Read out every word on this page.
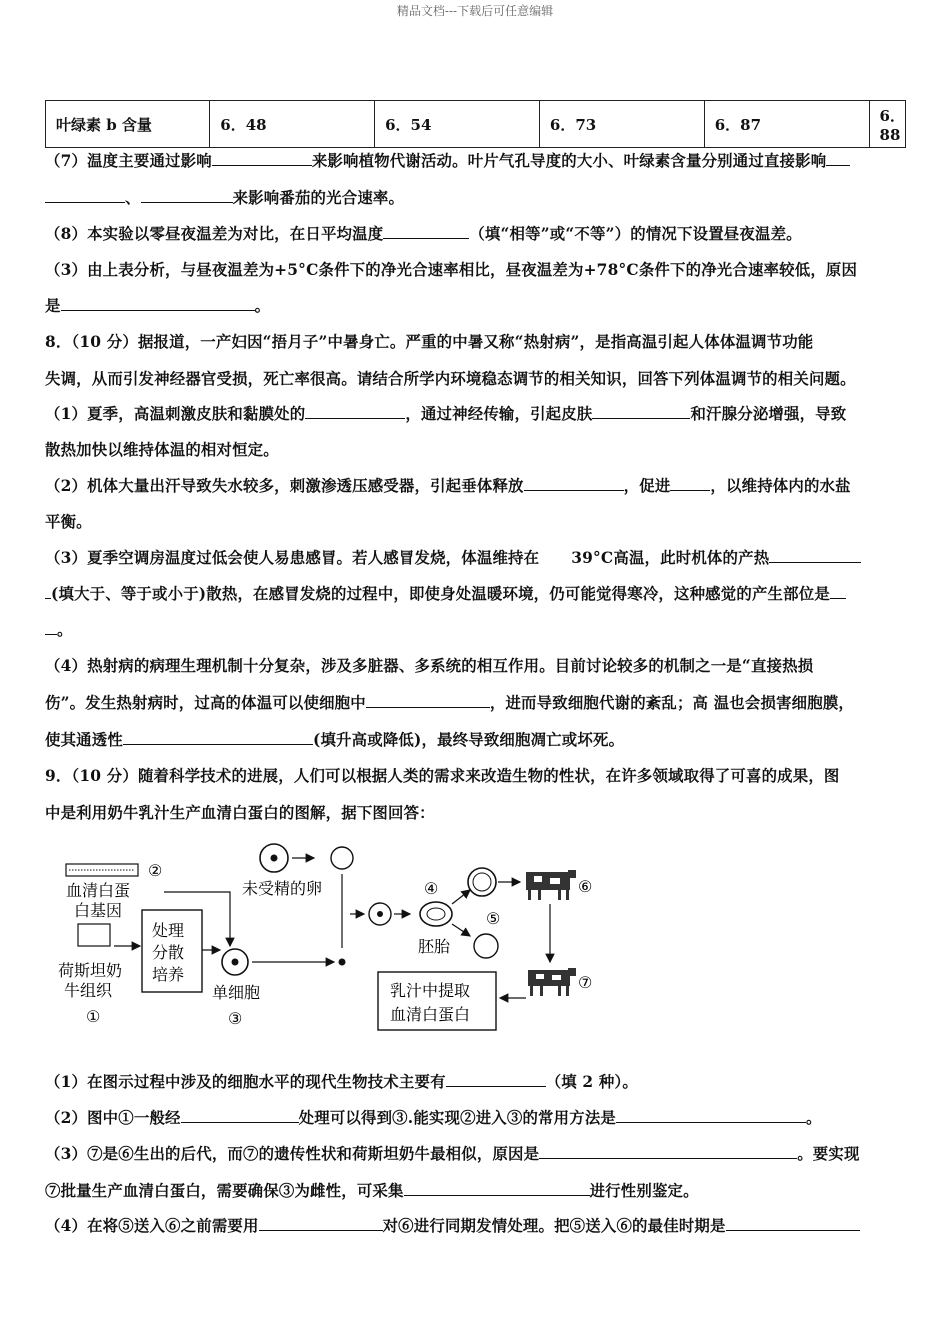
精品文档---下载后可任意编辑
叶绿素 b 含量	6．48	6．54	6．73	6．87	6．88
（7）温度主要通过影响	来影响植物代谢活动。叶片气孔导度的大小、叶绿素含量分别通过直接影响
、	来影响番茄的光合速率。
（8）本实验以零昼夜温差为对比，在日平均温度	（填“相等”或“不等”）的情况下设置昼夜温差。
（3）由上表分析，与昼夜温差为+5°C条件下的净光合速率相比，昼夜温差为+78°C条件下的净光合速率较低，原因
是	。
8．（10 分）据报道，一产妇因“捂月子”中暑身亡。严重的中暑又称“热射病”，是指高温引起人体体温调节功能
失调，从而引发神经器官受损，死亡率很高。请结合所学内环境稳态调节的相关知识，回答下列体温调节的相关问题。
（1）夏季，高温刺激皮肤和黏膜处的	，通过神经传输，引起皮肤	和汗腺分泌增强，导致
散热加快以维持体温的相对恒定。
（2）机体大量出汗导致失水较多，刺激渗透压感受器，引起垂体释放	，促进	，以维持体内的水盐
平衡。
（3）夏季空调房温度过低会使人易患感冒。若人感冒发烧，体温维持在 39°C高温，此时机体的产热
(填大于、等于或小于)散热，在感冒发烧的过程中，即使身处温暖环境，仍可能觉得寒冷，这种感觉的产生部位是
。
（4）热射病的病理生理机制十分复杂，涉及多脏器、多系统的相互作用。目前讨论较多的机制之一是“直接热损
伤”。发生热射病时，过高的体温可以使细胞中	，进而导致细胞代谢的紊乱；高 温也会损害细胞膜，
使其通透性	(填升高或降低)，最终导致细胞凋亡或坏死。
9．（10 分）随着科学技术的进展，人们可以根据人类的需求来改造生物的性状，在许多领域取得了可喜的成果，图
中是利用奶牛乳汁生产血清白蛋白的图解，据下图回答：
（1）在图示过程中涉及的细胞水平的现代生物技术主要有	（填 2 种）。
（2）图中①一般经	处理可以得到③.能实现②进入③的常用方法是	。
（3）⑦是⑥生出的后代，而⑦的遗传性状和荷斯坦奶牛最相似，原因是	。要实现
⑦批量生产血清白蛋白，需要确保③为雌性，可采集	进行性别鉴定。
（4）在将⑤送入⑥之前需要用	对⑥进行同期发情处理。把⑤送入⑥的最佳时期是
②
血清白蛋
白基因
荷斯坦奶
牛组织
①
处理
分散
培养
单细胞
③
未受精的卵	④
胚胎
⑤
⑥
⑦
乳汁中提取
血清白蛋白
